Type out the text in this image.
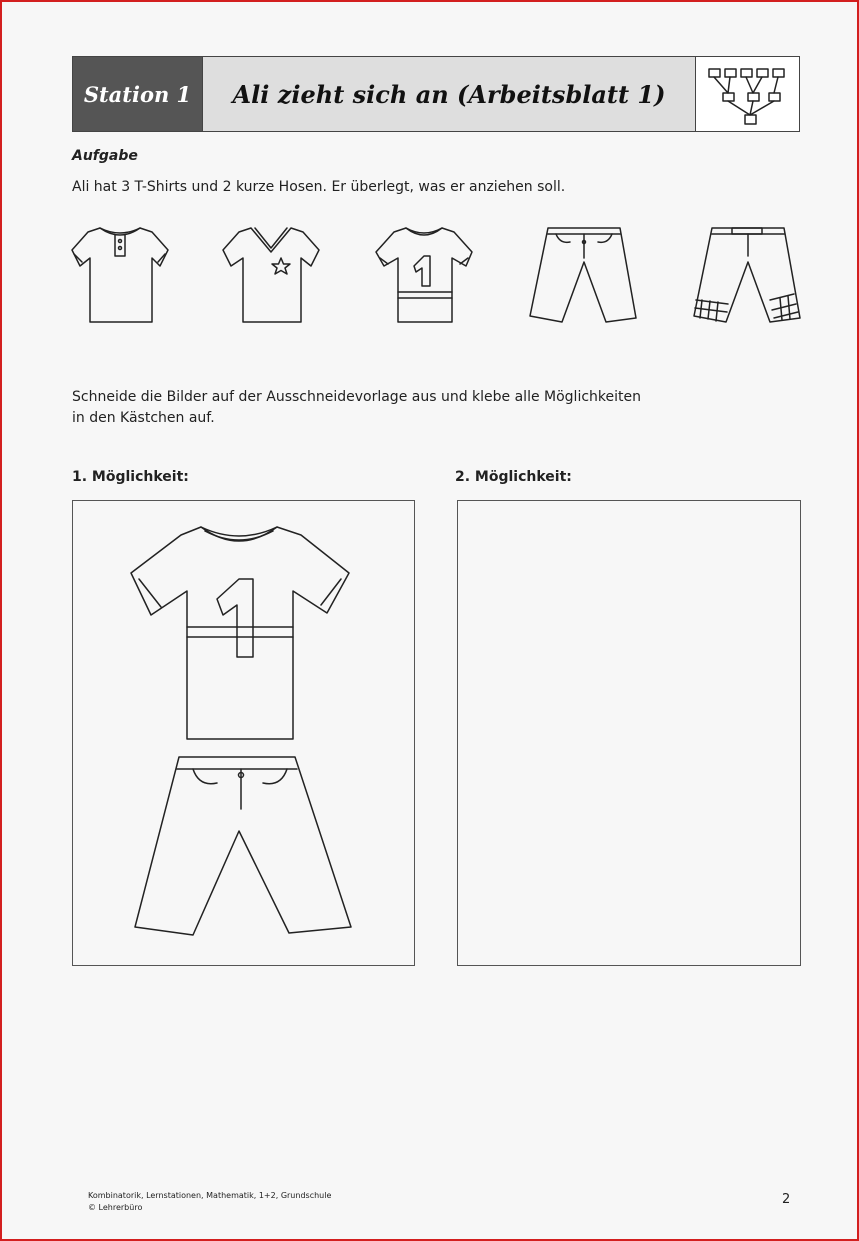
Station 1	Ali zieht sich an (Arbeitsblatt 1)
Aufgabe
Ali hat 3 T-Shirts und 2 kurze Hosen. Er überlegt, was er anziehen soll.
Schneide die Bilder auf der Ausschneidevorlage aus und klebe alle Möglichkeiten
in den Kästchen auf.
1. Möglichkeit:	2. Möglichkeit:
Kombinatorik, Lernstationen, Mathematik, 1+2, Grundschule
© Lehrerbüro
2
